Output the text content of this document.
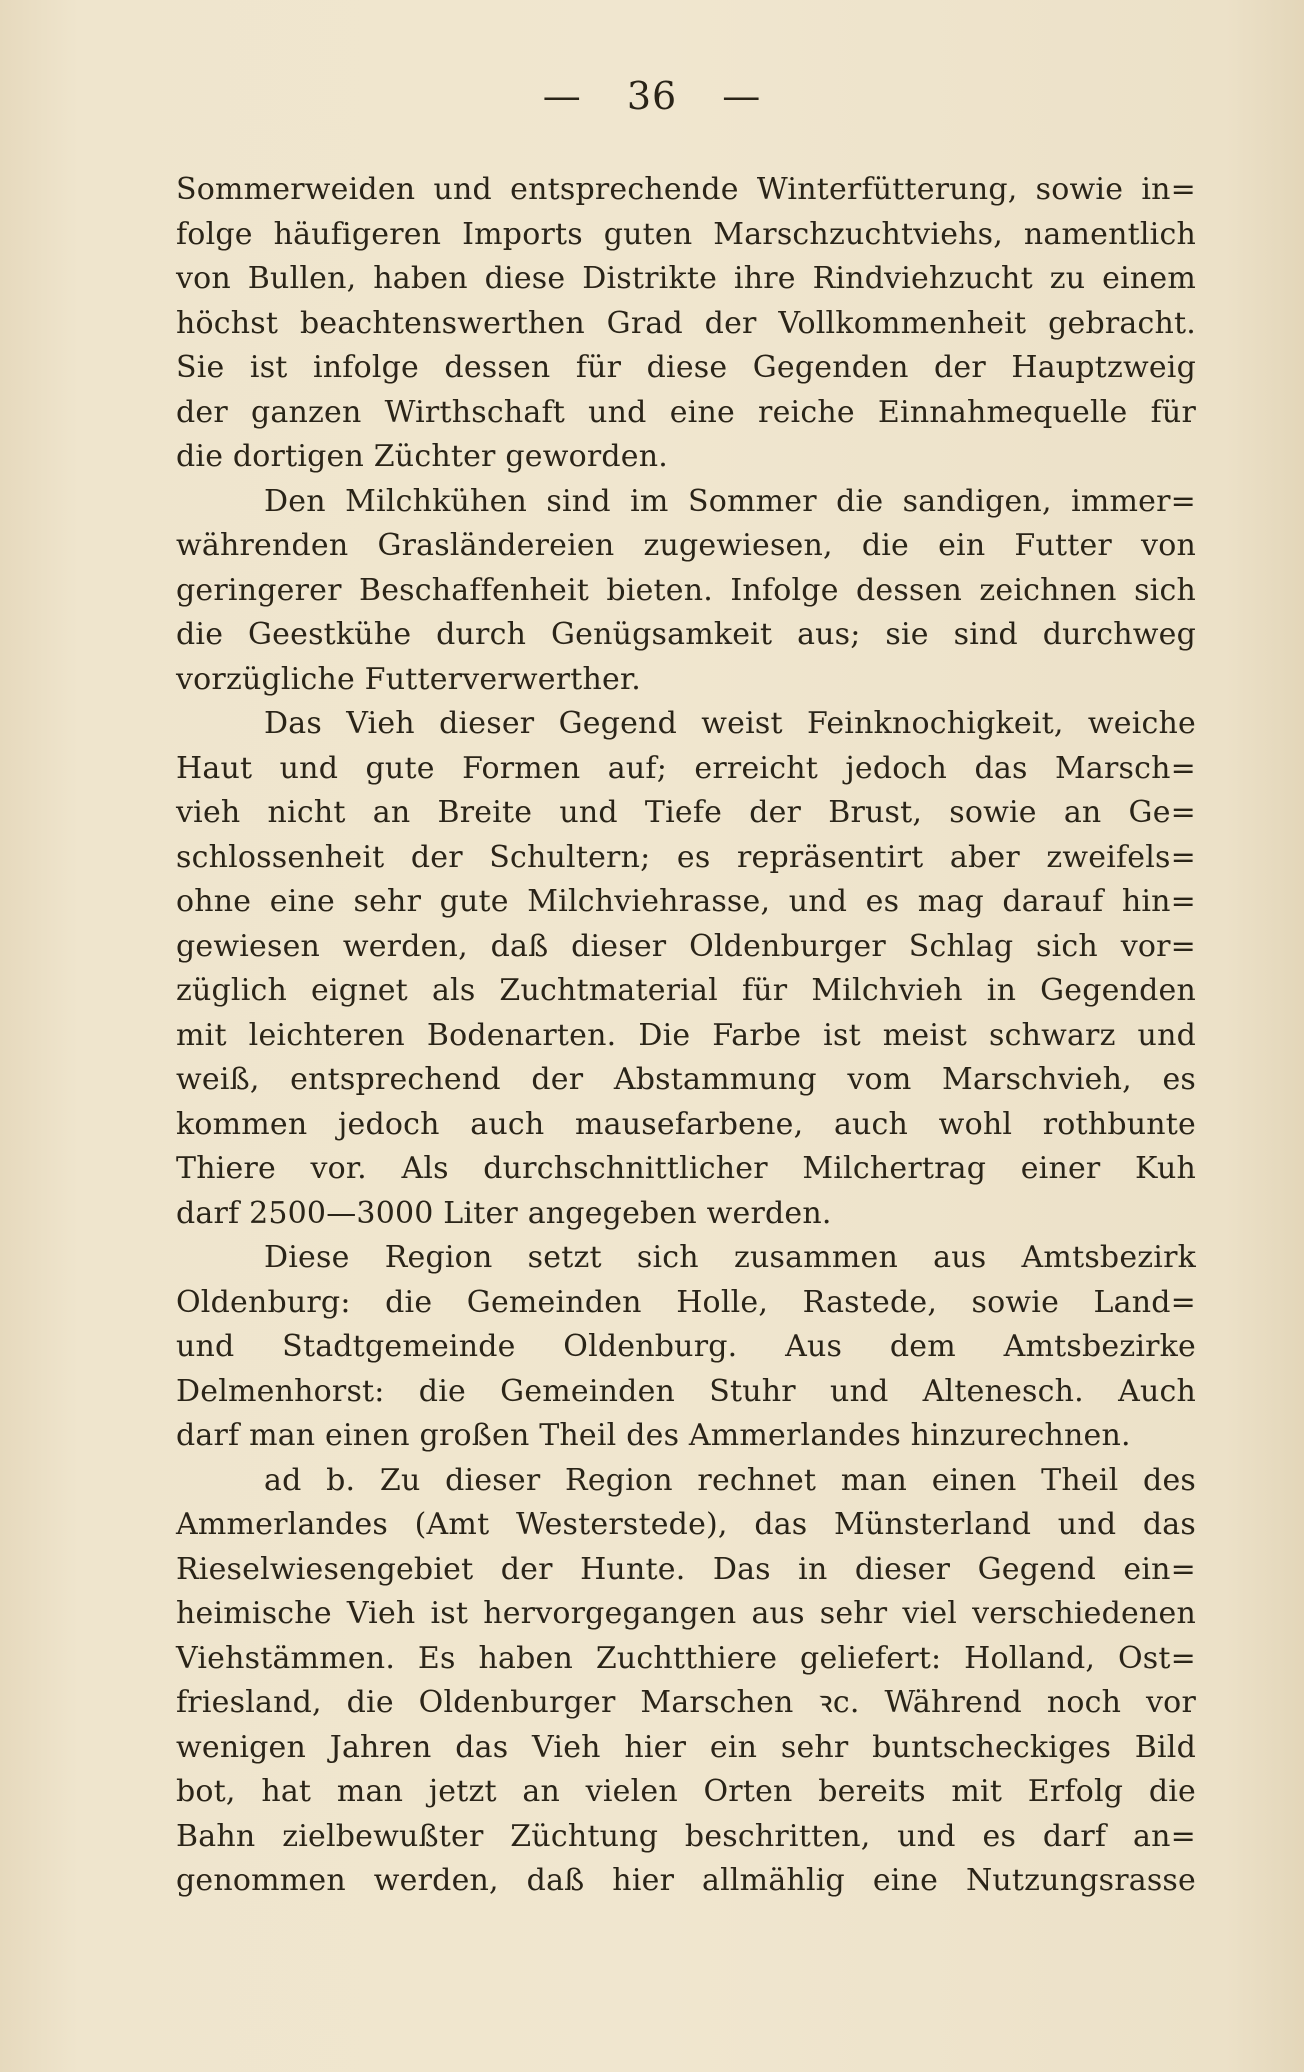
— 36 —
Sommerweiden und entsprechende Winterfütterung, sowie in=
folge häufigeren Imports guten Marschzuchtviehs, namentlich
von Bullen, haben diese Distrikte ihre Rindviehzucht zu einem
höchst beachtenswerthen Grad der Vollkommenheit gebracht.
Sie ist infolge dessen für diese Gegenden der Hauptzweig
der ganzen Wirthschaft und eine reiche Einnahmequelle für
die dortigen Züchter geworden.
Den Milchkühen sind im Sommer die sandigen, immer=
währenden Grasländereien zugewiesen, die ein Futter von
geringerer Beschaffenheit bieten. Infolge dessen zeichnen sich
die Geestkühe durch Genügsamkeit aus; sie sind durchweg
vorzügliche Futterverwerther.
Das Vieh dieser Gegend weist Feinknochigkeit, weiche
Haut und gute Formen auf; erreicht jedoch das Marsch=
vieh nicht an Breite und Tiefe der Brust, sowie an Ge=
schlossenheit der Schultern; es repräsentirt aber zweifels=
ohne eine sehr gute Milchviehrasse, und es mag darauf hin=
gewiesen werden, daß dieser Oldenburger Schlag sich vor=
züglich eignet als Zuchtmaterial für Milchvieh in Gegenden
mit leichteren Bodenarten. Die Farbe ist meist schwarz und
weiß, entsprechend der Abstammung vom Marschvieh, es
kommen jedoch auch mausefarbene, auch wohl rothbunte
Thiere vor. Als durchschnittlicher Milchertrag einer Kuh
darf 2500—3000 Liter angegeben werden.
Diese Region setzt sich zusammen aus Amtsbezirk
Oldenburg: die Gemeinden Holle, Rastede, sowie Land=
und Stadtgemeinde Oldenburg. Aus dem Amtsbezirke
Delmenhorst: die Gemeinden Stuhr und Altenesch. Auch
darf man einen großen Theil des Ammerlandes hinzurechnen.
ad b. Zu dieser Region rechnet man einen Theil des
Ammerlandes (Amt Westerstede), das Münsterland und das
Rieselwiesengebiet der Hunte. Das in dieser Gegend ein=
heimische Vieh ist hervorgegangen aus sehr viel verschiedenen
Viehstämmen. Es haben Zuchtthiere geliefert: Holland, Ost=
friesland, die Oldenburger Marschen ꝛc. Während noch vor
wenigen Jahren das Vieh hier ein sehr buntscheckiges Bild
bot, hat man jetzt an vielen Orten bereits mit Erfolg die
Bahn zielbewußter Züchtung beschritten, und es darf an=
genommen werden, daß hier allmählig eine Nutzungsrasse
